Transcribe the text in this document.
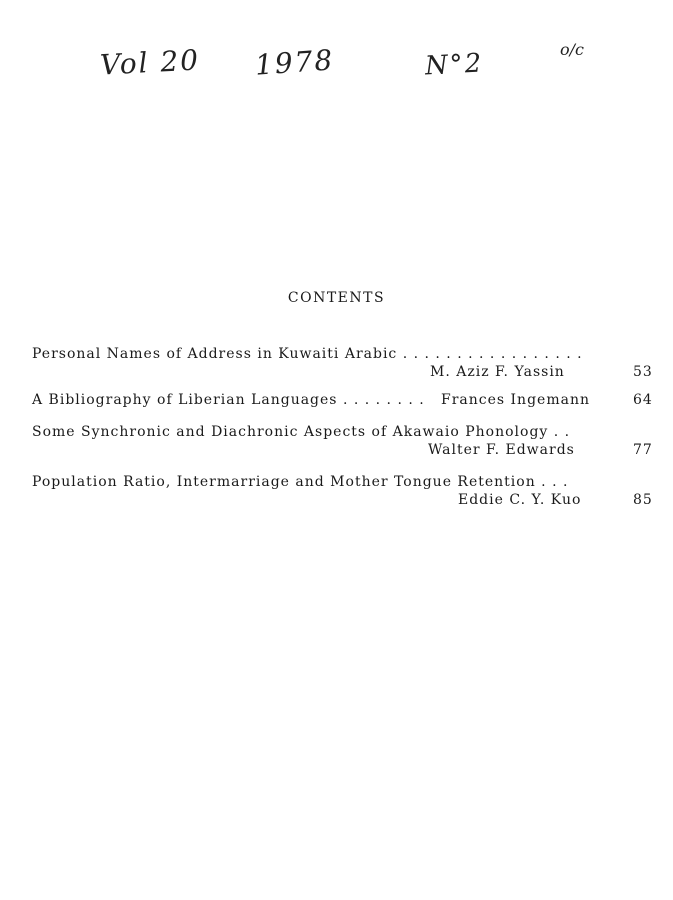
Vol 20 1978	N°2	o/c
CONTENTS
Personal Names of Address in Kuwaiti Arabic . . . . . . . . . . . . . . . . .
M. Aziz F. Yassin	53
A Bibliography of Liberian Languages . . . . . . . . Frances Ingemann	64
Some Synchronic and Diachronic Aspects of Akawaio Phonology . .
Walter F. Edwards	77
Population Ratio, Intermarriage and Mother Tongue Retention . . .
Eddie C. Y. Kuo	85
